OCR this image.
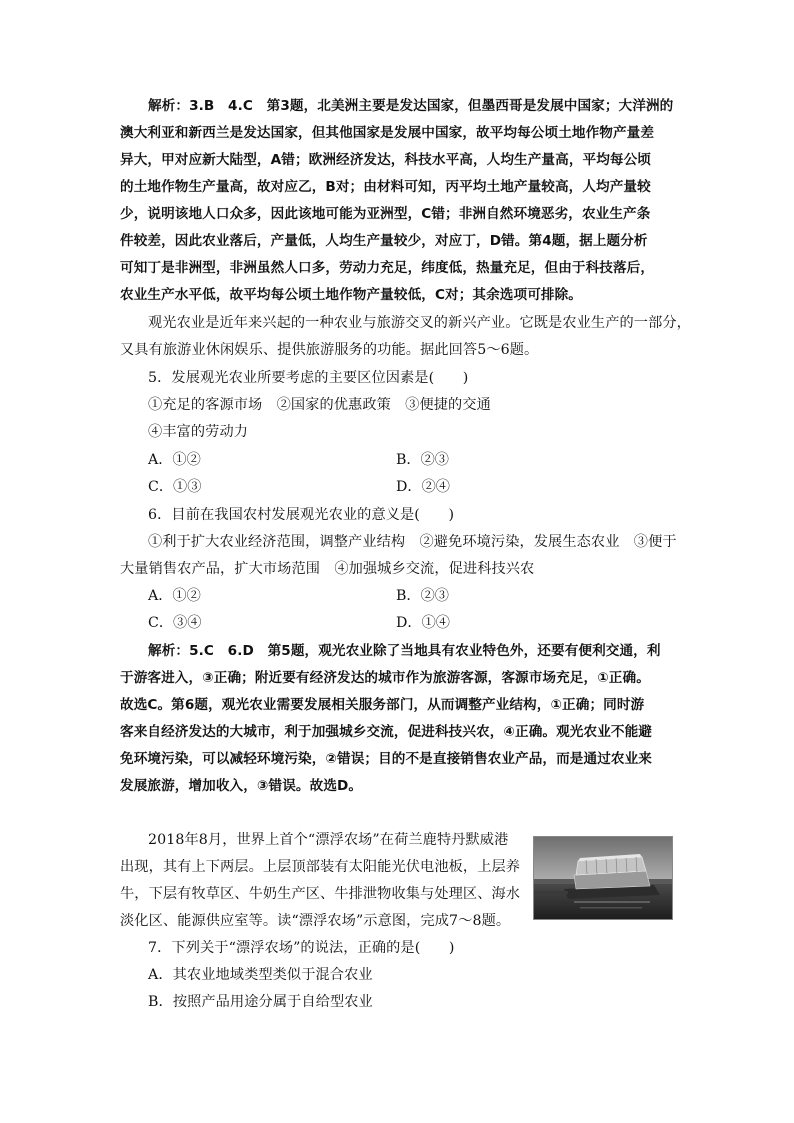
解析：3.B　4.C　第3题，北美洲主要是发达国家，但墨西哥是发展中国家；大洋洲的
澳大利亚和新西兰是发达国家，但其他国家是发展中国家，故平均每公顷土地作物产量差
异大，甲对应新大陆型，A错；欧洲经济发达，科技水平高，人均生产量高，平均每公顷
的土地作物生产量高，故对应乙，B对；由材料可知，丙平均土地产量较高，人均产量较
少，说明该地人口众多，因此该地可能为亚洲型，C错；非洲自然环境恶劣，农业生产条
件较差，因此农业落后，产量低，人均生产量较少，对应丁，D错。第4题，据上题分析
可知丁是非洲型，非洲虽然人口多，劳动力充足，纬度低，热量充足，但由于科技落后，
农业生产水平低，故平均每公顷土地作物产量较低，C对；其余选项可排除。
观光农业是近年来兴起的一种农业与旅游交叉的新兴产业。它既是农业生产的一部分，
又具有旅游业休闲娱乐、提供旅游服务的功能。据此回答5～6题。
5．发展观光农业所要考虑的主要区位因素是(　　)
①充足的客源市场　②国家的优惠政策　③便捷的交通
④丰富的劳动力
A．①②	B．②③
C．①③	D．②④
6．目前在我国农村发展观光农业的意义是(　　)
①利于扩大农业经济范围，调整产业结构　②避免环境污染，发展生态农业　③便于
大量销售农产品，扩大市场范围　④加强城乡交流，促进科技兴农
A．①②	B．②③
C．③④	D．①④
解析：5.C　6.D　第5题，观光农业除了当地具有农业特色外，还要有便利交通，利
于游客进入，③正确；附近要有经济发达的城市作为旅游客源，客源市场充足，①正确。
故选C。第6题，观光农业需要发展相关服务部门，从而调整产业结构，①正确；同时游
客来自经济发达的大城市，利于加强城乡交流，促进科技兴农，④正确。观光农业不能避
免环境污染，可以减轻环境污染，②错误；目的不是直接销售农业产品，而是通过农业来
发展旅游，增加收入，③错误。故选D。
2018年8月，世界上首个“漂浮农场”在荷兰鹿特丹默威港
出现，其有上下两层。上层顶部装有太阳能光伏电池板，上层养
牛，下层有牧草区、牛奶生产区、牛排泄物收集与处理区、海水
淡化区、能源供应室等。读“漂浮农场”示意图，完成7～8题。
7．下列关于“漂浮农场”的说法，正确的是(　　)
A．其农业地域类型类似于混合农业
B．按照产品用途分属于自给型农业
